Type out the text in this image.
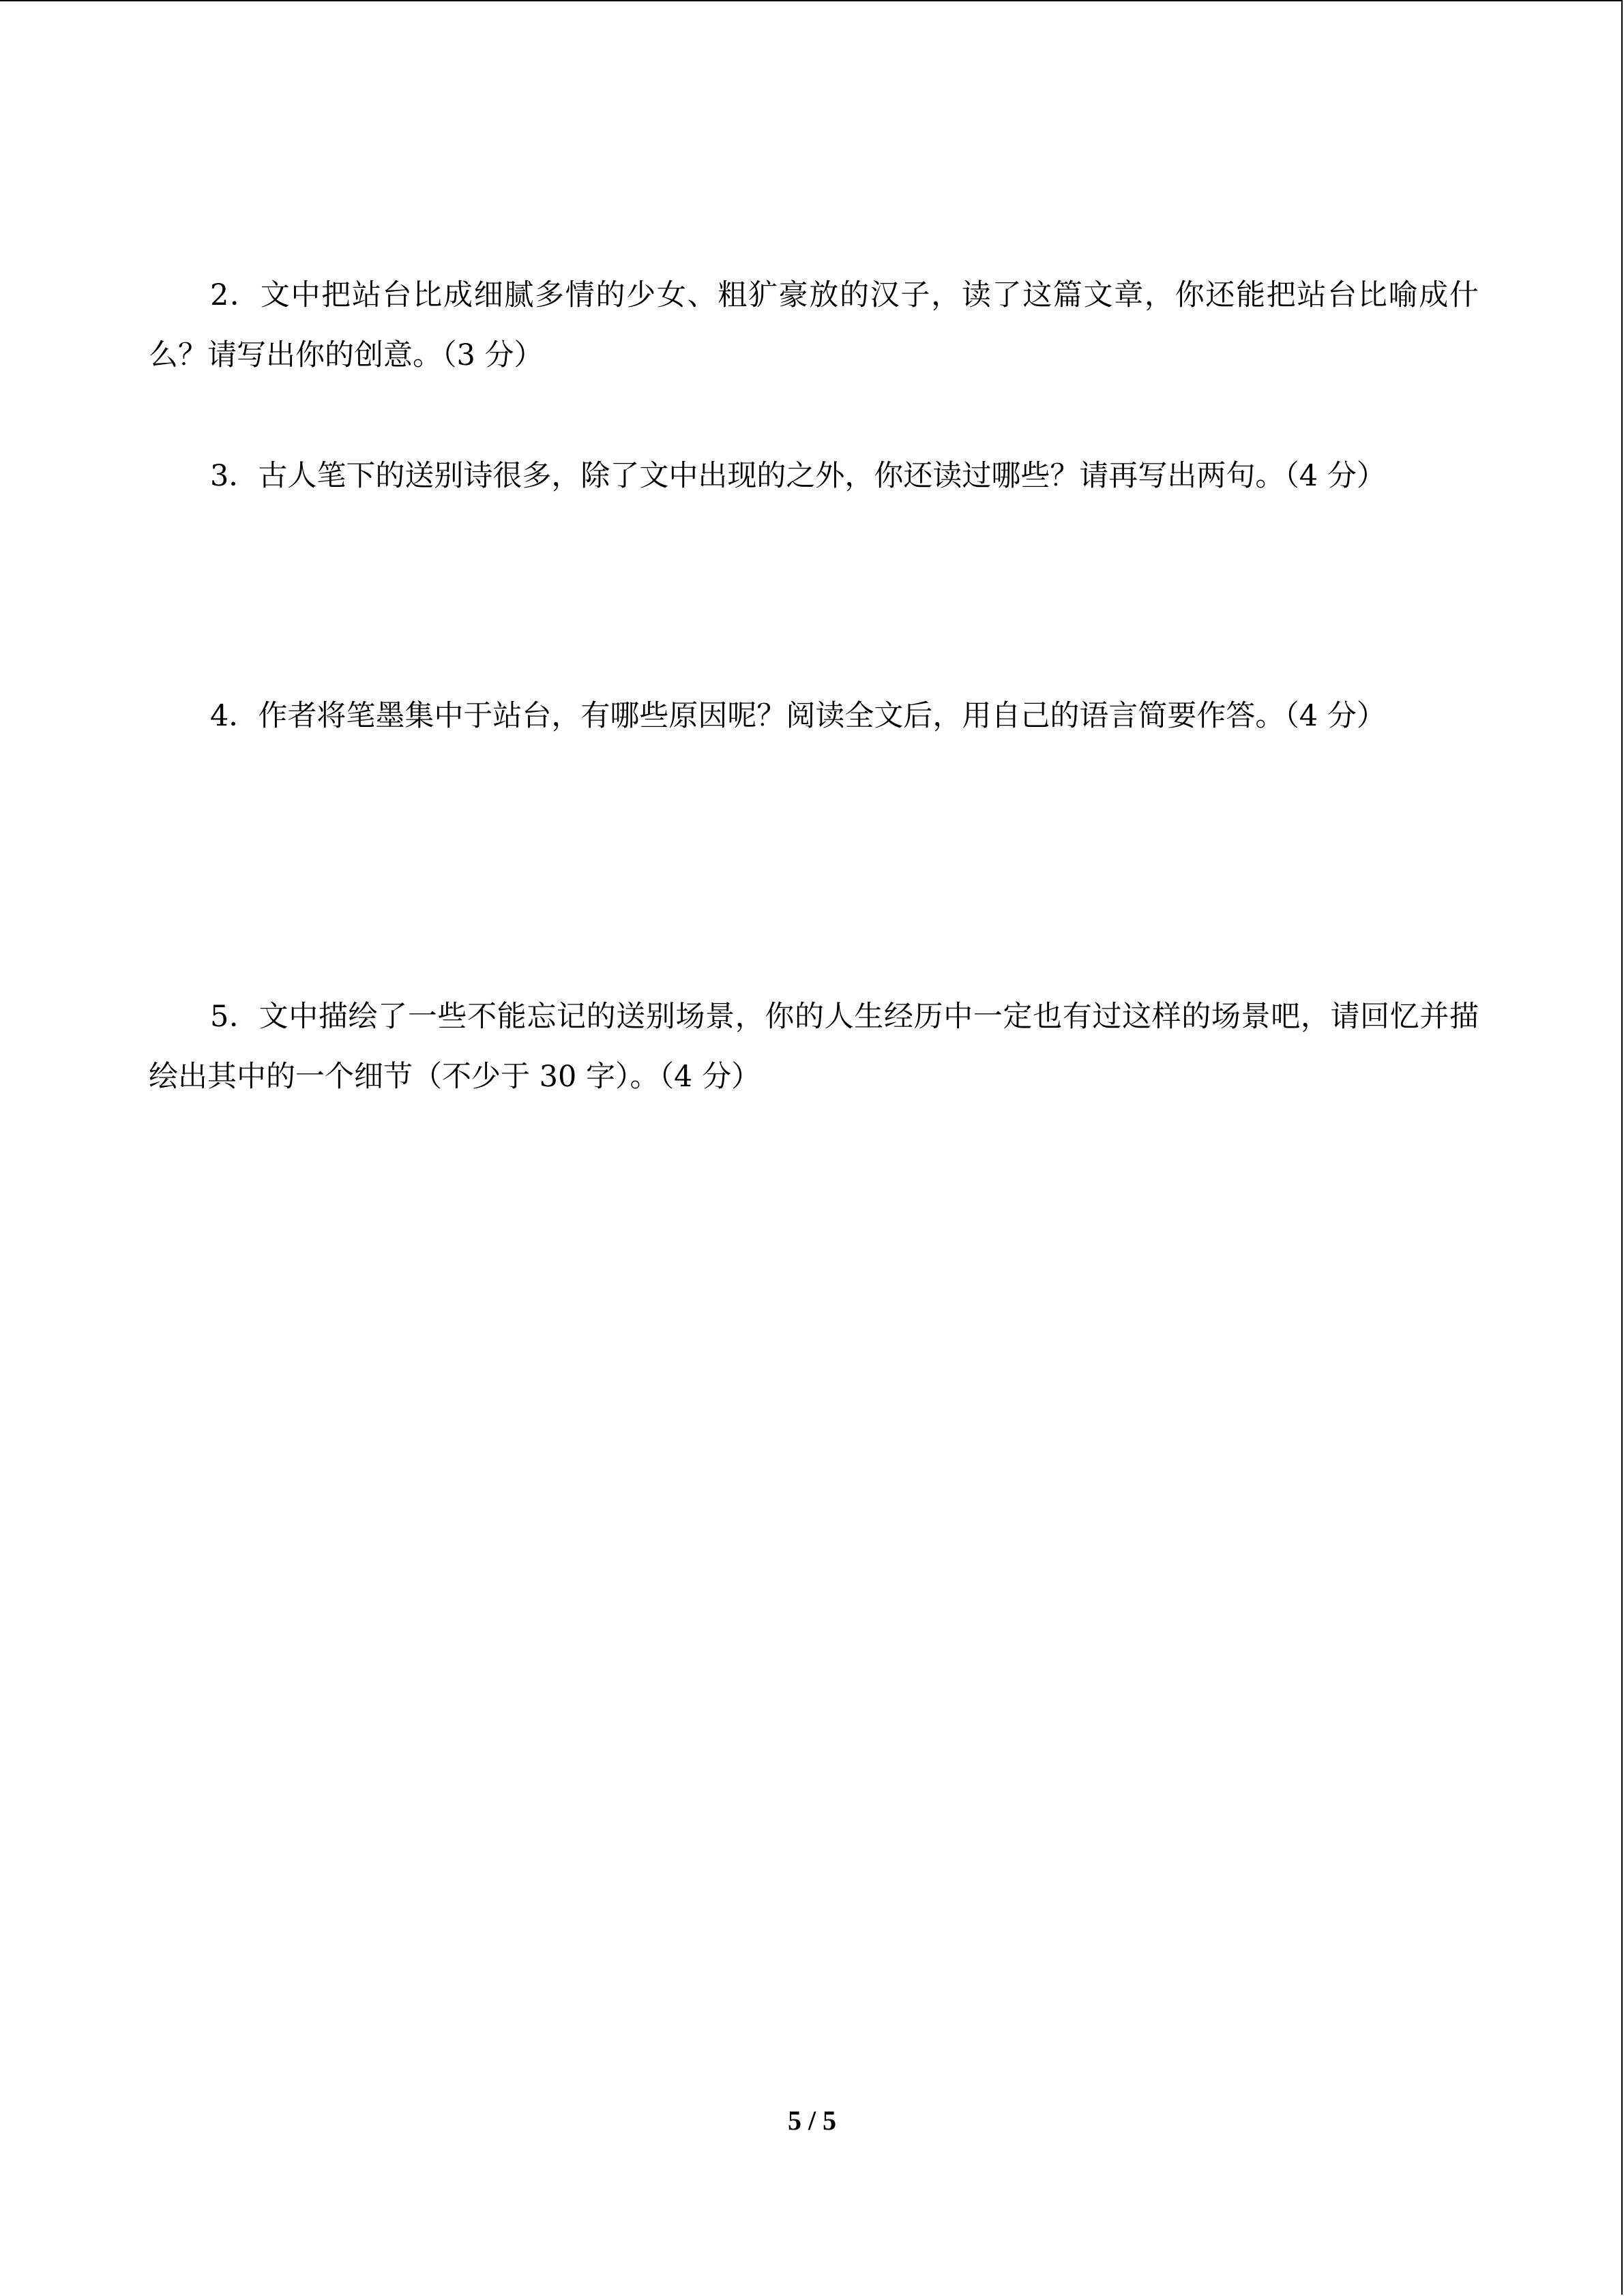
2．文中把站台比成细腻多情的少女、粗犷豪放的汉子，读了这篇文章，你还能把站台比喻成什么？请写出你的创意。（3 分）

3．古人笔下的送别诗很多，除了文中出现的之外，你还读过哪些？请再写出两句。（4 分）

4．作者将笔墨集中于站台，有哪些原因呢？阅读全文后，用自己的语言简要作答。（4 分）

5．文中描绘了一些不能忘记的送别场景，你的人生经历中一定也有过这样的场景吧，请回忆并描绘出其中的一个细节（不少于 30 字）。（4 分）

5 / 5
